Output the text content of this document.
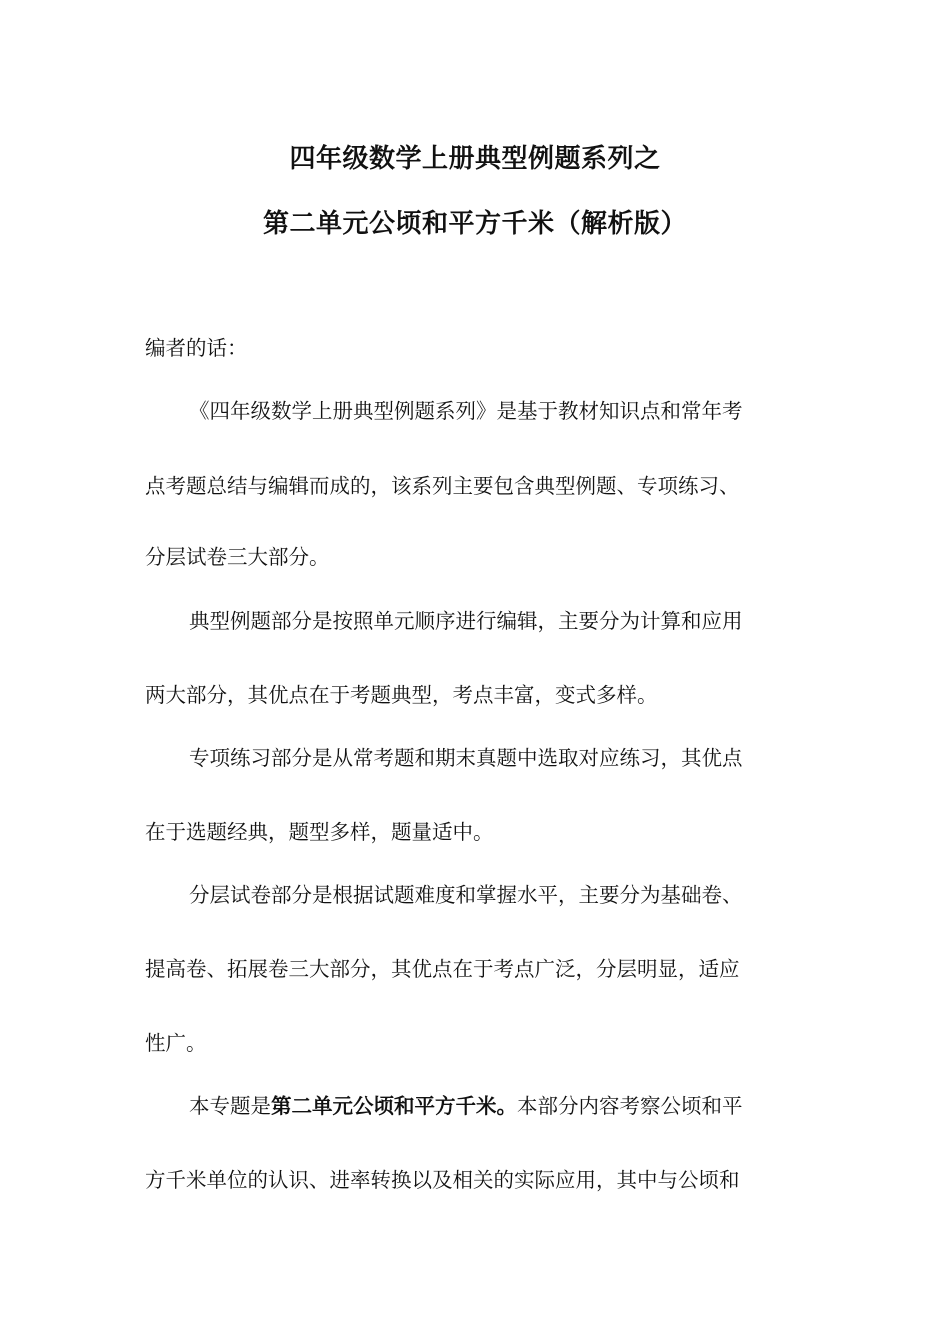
四年级数学上册典型例题系列之
第二单元公顷和平方千米（解析版）
编者的话：
《四年级数学上册典型例题系列》是基于教材知识点和常年考
点考题总结与编辑而成的，该系列主要包含典型例题、专项练习、
分层试卷三大部分。
典型例题部分是按照单元顺序进行编辑，主要分为计算和应用
两大部分，其优点在于考题典型，考点丰富，变式多样。
专项练习部分是从常考题和期末真题中选取对应练习，其优点
在于选题经典，题型多样，题量适中。
分层试卷部分是根据试题难度和掌握水平，主要分为基础卷、
提高卷、拓展卷三大部分，其优点在于考点广泛，分层明显，适应
性广。
本专题是第二单元公顷和平方千米。本部分内容考察公顷和平
方千米单位的认识、进率转换以及相关的实际应用，其中与公顷和
